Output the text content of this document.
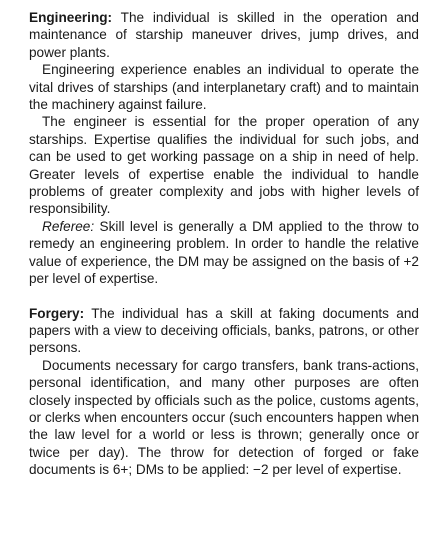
Engineering: The individual is skilled in the operation and maintenance of starship maneuver drives, jump drives, and power plants.

Engineering experience enables an individual to operate the vital drives of starships (and interplanetary craft) and to maintain the machinery against failure.

The engineer is essential for the proper operation of any starships. Expertise qualifies the individual for such jobs, and can be used to get working passage on a ship in need of help. Greater levels of expertise enable the individual to handle problems of greater complexity and jobs with higher levels of responsibility.

Referee: Skill level is generally a DM applied to the throw to remedy an engineering problem. In order to handle the relative value of experience, the DM may be assigned on the basis of +2 per level of expertise.

Forgery: The individual has a skill at faking documents and papers with a view to deceiving officials, banks, patrons, or other persons.

Documents necessary for cargo transfers, bank trans-actions, personal identification, and many other purposes are often closely inspected by officials such as the police, customs agents, or clerks when encounters occur (such encounters happen when the law level for a world or less is thrown; generally once or twice per day). The throw for detection of forged or fake documents is 6+; DMs to be applied: −2 per level of expertise.
